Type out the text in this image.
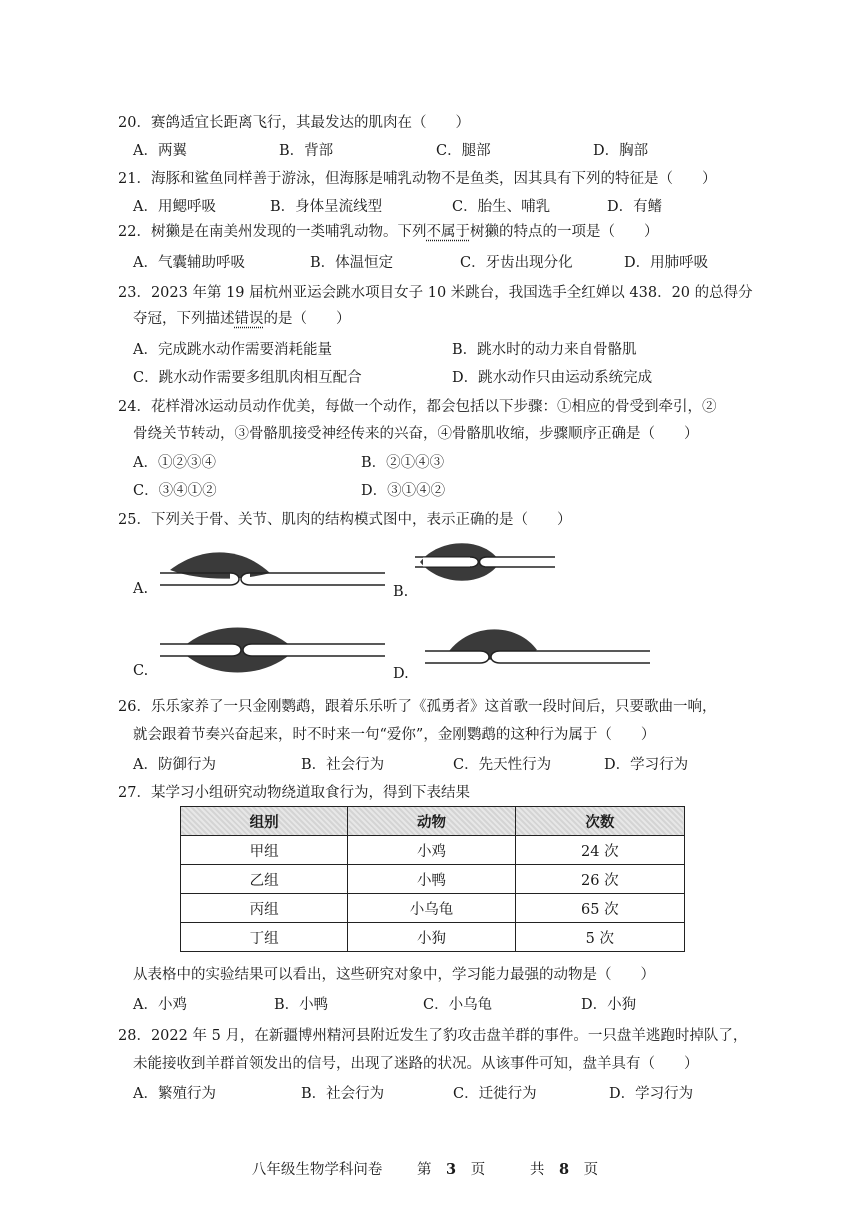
20．赛鸽适宜长距离飞行，其最发达的肌肉在（　　）
A．两翼	B．背部	C．腿部	D．胸部
21．海豚和鲨鱼同样善于游泳，但海豚是哺乳动物不是鱼类，因其具有下列的特征是（　　）
A．用鳃呼吸	B．身体呈流线型	C．胎生、哺乳	D．有鳍
22．树獭是在南美州发现的一类哺乳动物。下列不属于树獭的特点的一项是（　　）
A．气囊辅助呼吸	B．体温恒定	C．牙齿出现分化	D．用肺呼吸
23．2023 年第 19 届杭州亚运会跳水项目女子 10 米跳台，我国选手全红婵以 438．20 的总得分
夺冠，下列描述错误的是（　　）
A．完成跳水动作需要消耗能量	B．跳水时的动力来自骨骼肌
C．跳水动作需要多组肌肉相互配合	D．跳水动作只由运动系统完成
24．花样滑冰运动员动作优美，每做一个动作，都会包括以下步骤：①相应的骨受到牵引，②
骨绕关节转动，③骨骼肌接受神经传来的兴奋，④骨骼肌收缩，步骤顺序正确是（　　）
A．①②③④	B．②①④③
C．③④①②	D．③①④②
25．下列关于骨、关节、肌肉的结构模式图中，表示正确的是（　　）
A.	B.
C.	D.
26．乐乐家养了一只金刚鹦鹉，跟着乐乐听了《孤勇者》这首歌一段时间后，只要歌曲一响，
就会跟着节奏兴奋起来，时不时来一句“爱你”，金刚鹦鹉的这种行为属于（　　）
A．防御行为	B．社会行为	C．先天性行为	D．学习行为
27．某学习小组研究动物绕道取食行为，得到下表结果
组别	动物	次数
甲组	小鸡	24 次
乙组	小鸭	26 次
丙组	小乌龟	65 次
丁组	小狗	5 次
从表格中的实验结果可以看出，这些研究对象中，学习能力最强的动物是（　　）
A．小鸡	B．小鸭	C．小乌龟	D．小狗
28．2022 年 5 月，在新疆博州精河县附近发生了豹攻击盘羊群的事件。一只盘羊逃跑时掉队了，
未能接收到羊群首领发出的信号，出现了迷路的状况。从该事件可知，盘羊具有（　　）
A．繁殖行为	B．社会行为	C．迁徙行为	D．学习行为
八年级生物学科问卷 第 3 页	共 8 页
